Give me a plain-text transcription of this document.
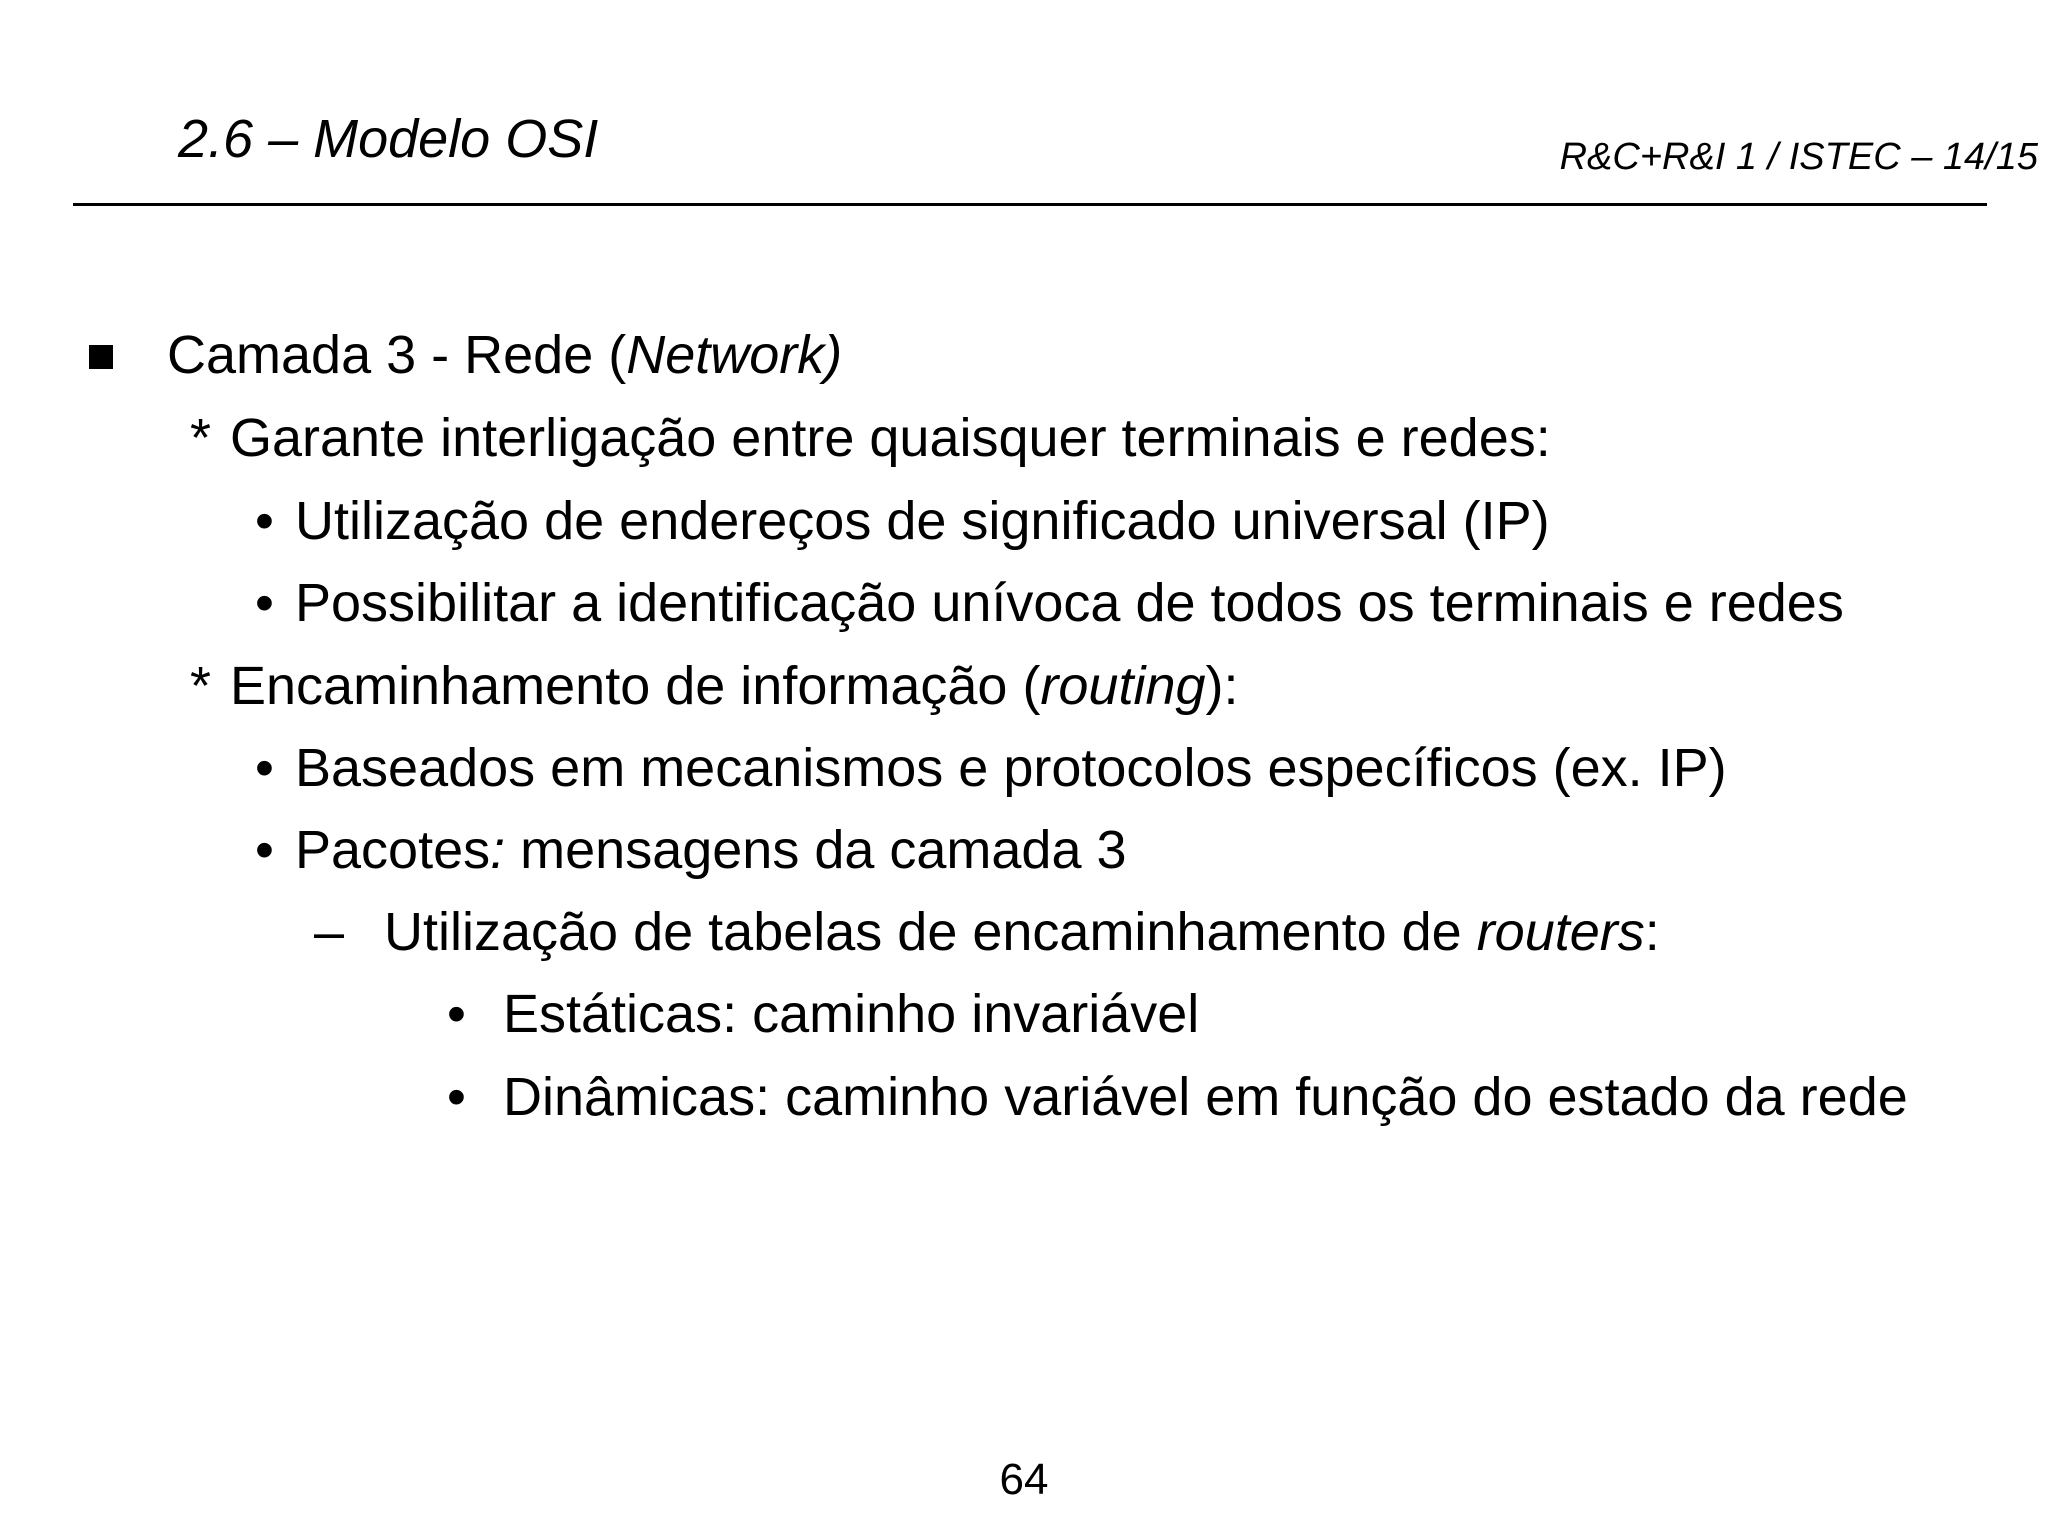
2.6 – Modelo OSI	R&C+R&I 1 / ISTEC – 14/15
Camada 3 - Rede (Network)
* Garante interligação entre quaisquer terminais e redes:
• Utilização de endereços de significado universal (IP)
• Possibilitar a identificação unívoca de todos os terminais e redes
* Encaminhamento de informação (routing):
• Baseados em mecanismos e protocolos específicos (ex. IP)
• Pacotes: mensagens da camada 3
– Utilização de tabelas de encaminhamento de routers:
• Estáticas: caminho invariável
• Dinâmicas: caminho variável em função do estado da rede
64
